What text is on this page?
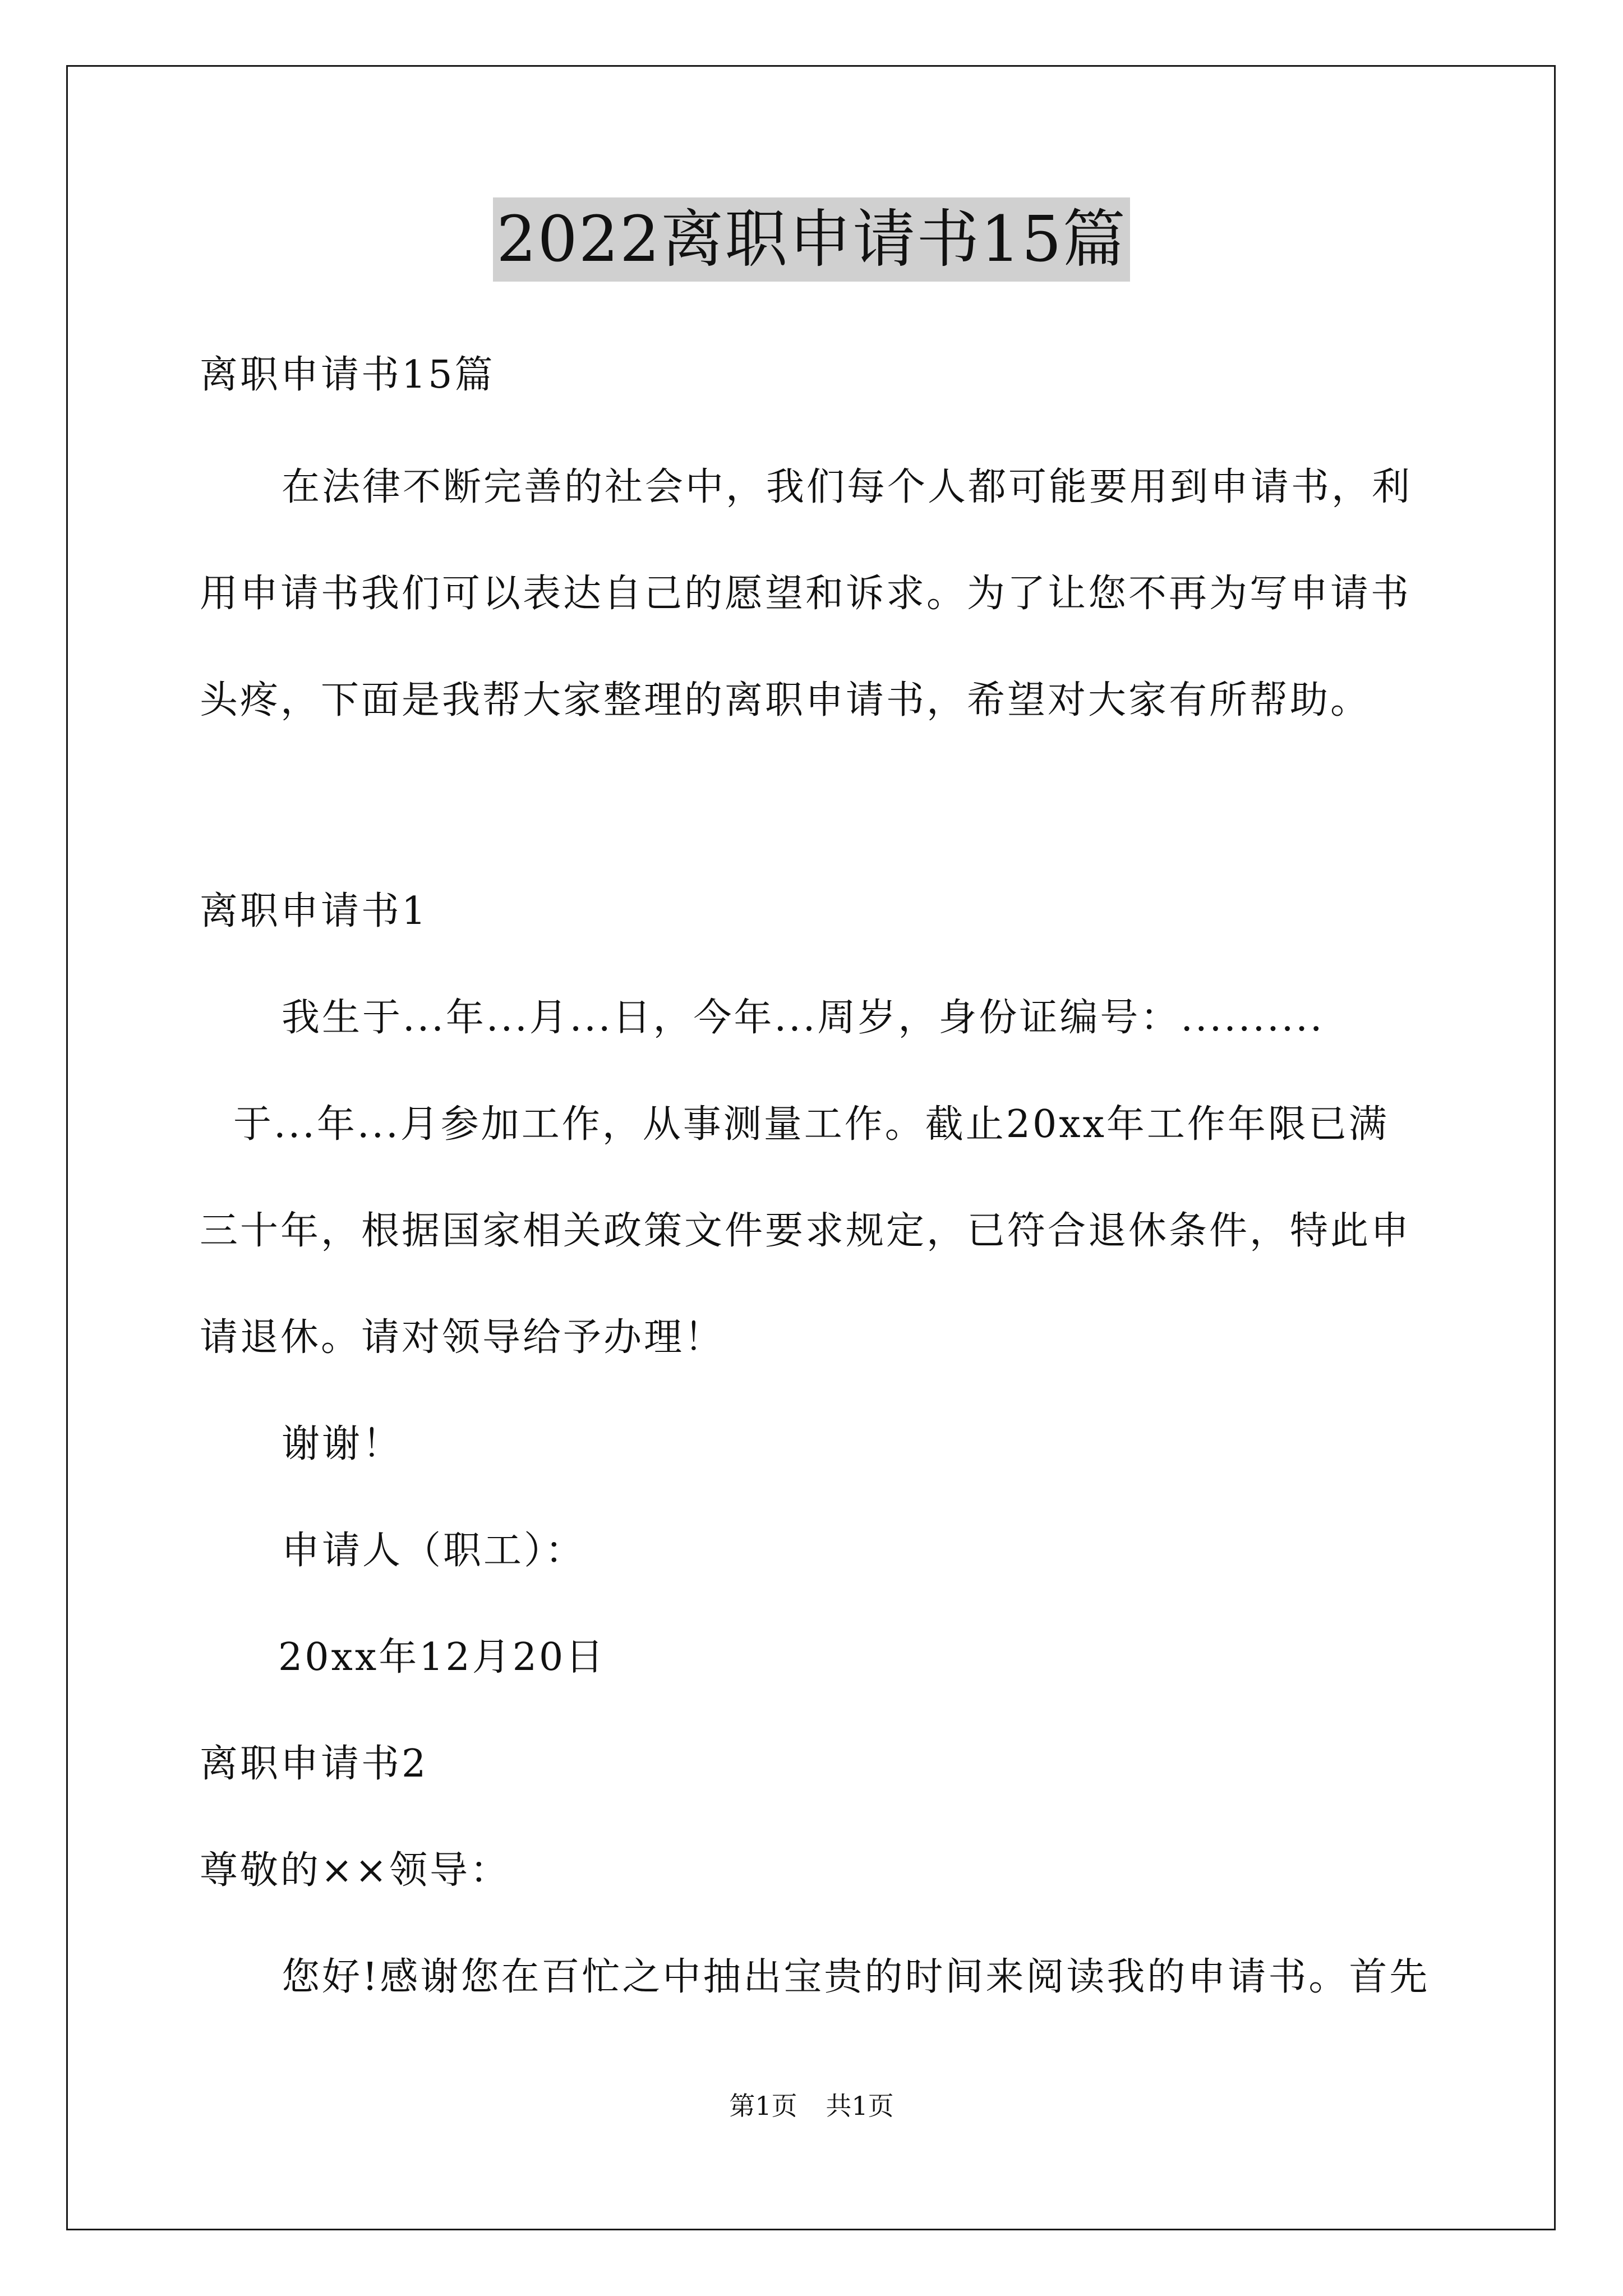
2022离职申请书15篇
离职申请书15篇
在法律不断完善的社会中，我们每个人都可能要用到申请书，利
用申请书我们可以表达自己的愿望和诉求。为了让您不再为写申请书
头疼，下面是我帮大家整理的离职申请书，希望对大家有所帮助。
离职申请书1
我生于...年...月...日，今年...周岁，身份证编号：..........
于...年...月参加工作，从事测量工作。截止20xx年工作年限已满
三十年，根据国家相关政策文件要求规定，已符合退休条件，特此申
请退休。请对领导给予办理！
谢谢！
申请人（职工）：
20xx年12月20日
离职申请书2
尊敬的××领导：
您好!感谢您在百忙之中抽出宝贵的时间来阅读我的申请书。首先
第1页 共1页
